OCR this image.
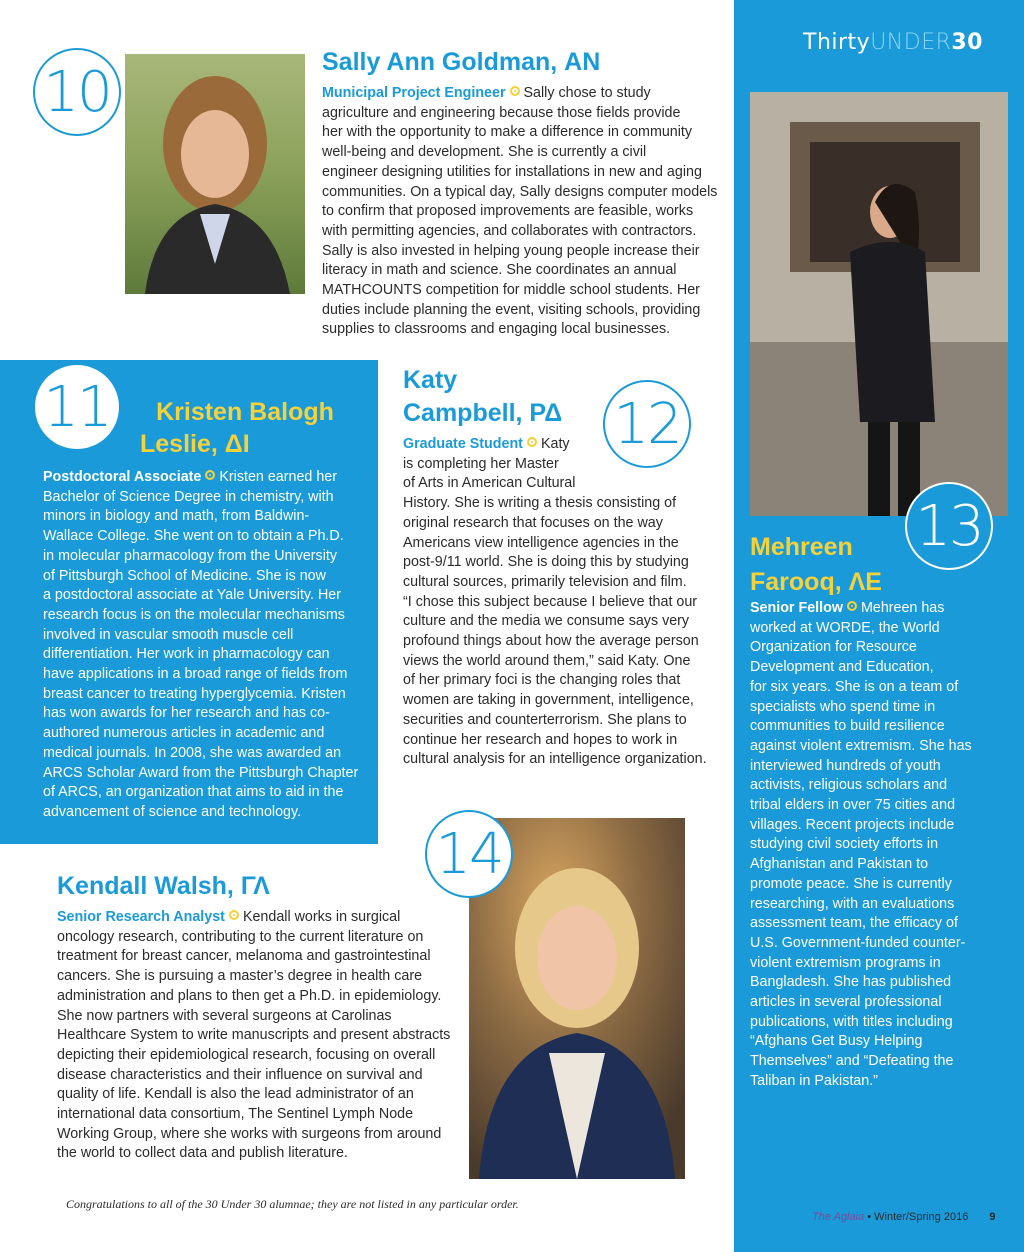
ThirtyUNDER30
10	Sally Ann Goldman, ΑΝ
Municipal Project Engineer Sally chose to study
agriculture and engineering because those fields provide
her with the opportunity to make a difference in community
well-being and development. She is currently a civil
engineer designing utilities for installations in new and aging
communities. On a typical day, Sally designs computer models
to confirm that proposed improvements are feasible, works
with permitting agencies, and collaborates with contractors.
Sally is also invested in helping young people increase their
literacy in math and science. She coordinates an annual
MATHCOUNTS competition for middle school students. Her
duties include planning the event, visiting schools, providing
supplies to classrooms and engaging local businesses.
11	Kristen Balogh
Leslie, ΔΙ
Postdoctoral Associate Kristen earned her
Bachelor of Science Degree in chemistry, with
minors in biology and math, from Baldwin-
Wallace College. She went on to obtain a Ph.D.
in molecular pharmacology from the University
of Pittsburgh School of Medicine. She is now
a postdoctoral associate at Yale University. Her
research focus is on the molecular mechanisms
involved in vascular smooth muscle cell
differentiation. Her work in pharmacology can
have applications in a broad range of fields from
breast cancer to treating hyperglycemia. Kristen
has won awards for her research and has co-
authored numerous articles in academic and
medical journals. In 2008, she was awarded an
ARCS Scholar Award from the Pittsburgh Chapter
of ARCS, an organization that aims to aid in the
advancement of science and technology.
Katy
Campbell, ΡΔ 12
Graduate Student Katy
is completing her Master
of Arts in American Cultural
History. She is writing a thesis consisting of
original research that focuses on the way
Americans view intelligence agencies in the
post-9/11 world. She is doing this by studying
cultural sources, primarily television and film.
“I chose this subject because I believe that our
culture and the media we consume says very
profound things about how the average person
views the world around them,” said Katy. One
of her primary foci is the changing roles that
women are taking in government, intelligence,
securities and counterterrorism. She plans to
continue her research and hopes to work in
cultural analysis for an intelligence organization.
13
Mehreen
Farooq, ΛΕ
Senior Fellow Mehreen has
worked at WORDE, the World
Organization for Resource
Development and Education,
for six years. She is on a team of
specialists who spend time in
communities to build resilience
against violent extremism. She has
interviewed hundreds of youth
activists, religious scholars and
tribal elders in over 75 cities and
villages. Recent projects include
studying civil society efforts in
Afghanistan and Pakistan to
promote peace. She is currently
researching, with an evaluations
assessment team, the efficacy of
U.S. Government-funded counter-
violent extremism programs in
Bangladesh. She has published
articles in several professional
publications, with titles including
“Afghans Get Busy Helping
Themselves” and “Defeating the
Taliban in Pakistan.”
14
Kendall Walsh, ΓΛ
Senior Research Analyst Kendall works in surgical
oncology research, contributing to the current literature on
treatment for breast cancer, melanoma and gastrointestinal
cancers. She is pursuing a master’s degree in health care
administration and plans to then get a Ph.D. in epidemiology.
She now partners with several surgeons at Carolinas
Healthcare System to write manuscripts and present abstracts
depicting their epidemiological research, focusing on overall
disease characteristics and their influence on survival and
quality of life. Kendall is also the lead administrator of an
international data consortium, The Sentinel Lymph Node
Working Group, where she works with surgeons from around
the world to collect data and publish literature.
Congratulations to all of the 30 Under 30 alumnae; they are not listed in any particular order.
The Aglaia • Winter/Spring 2016 9
